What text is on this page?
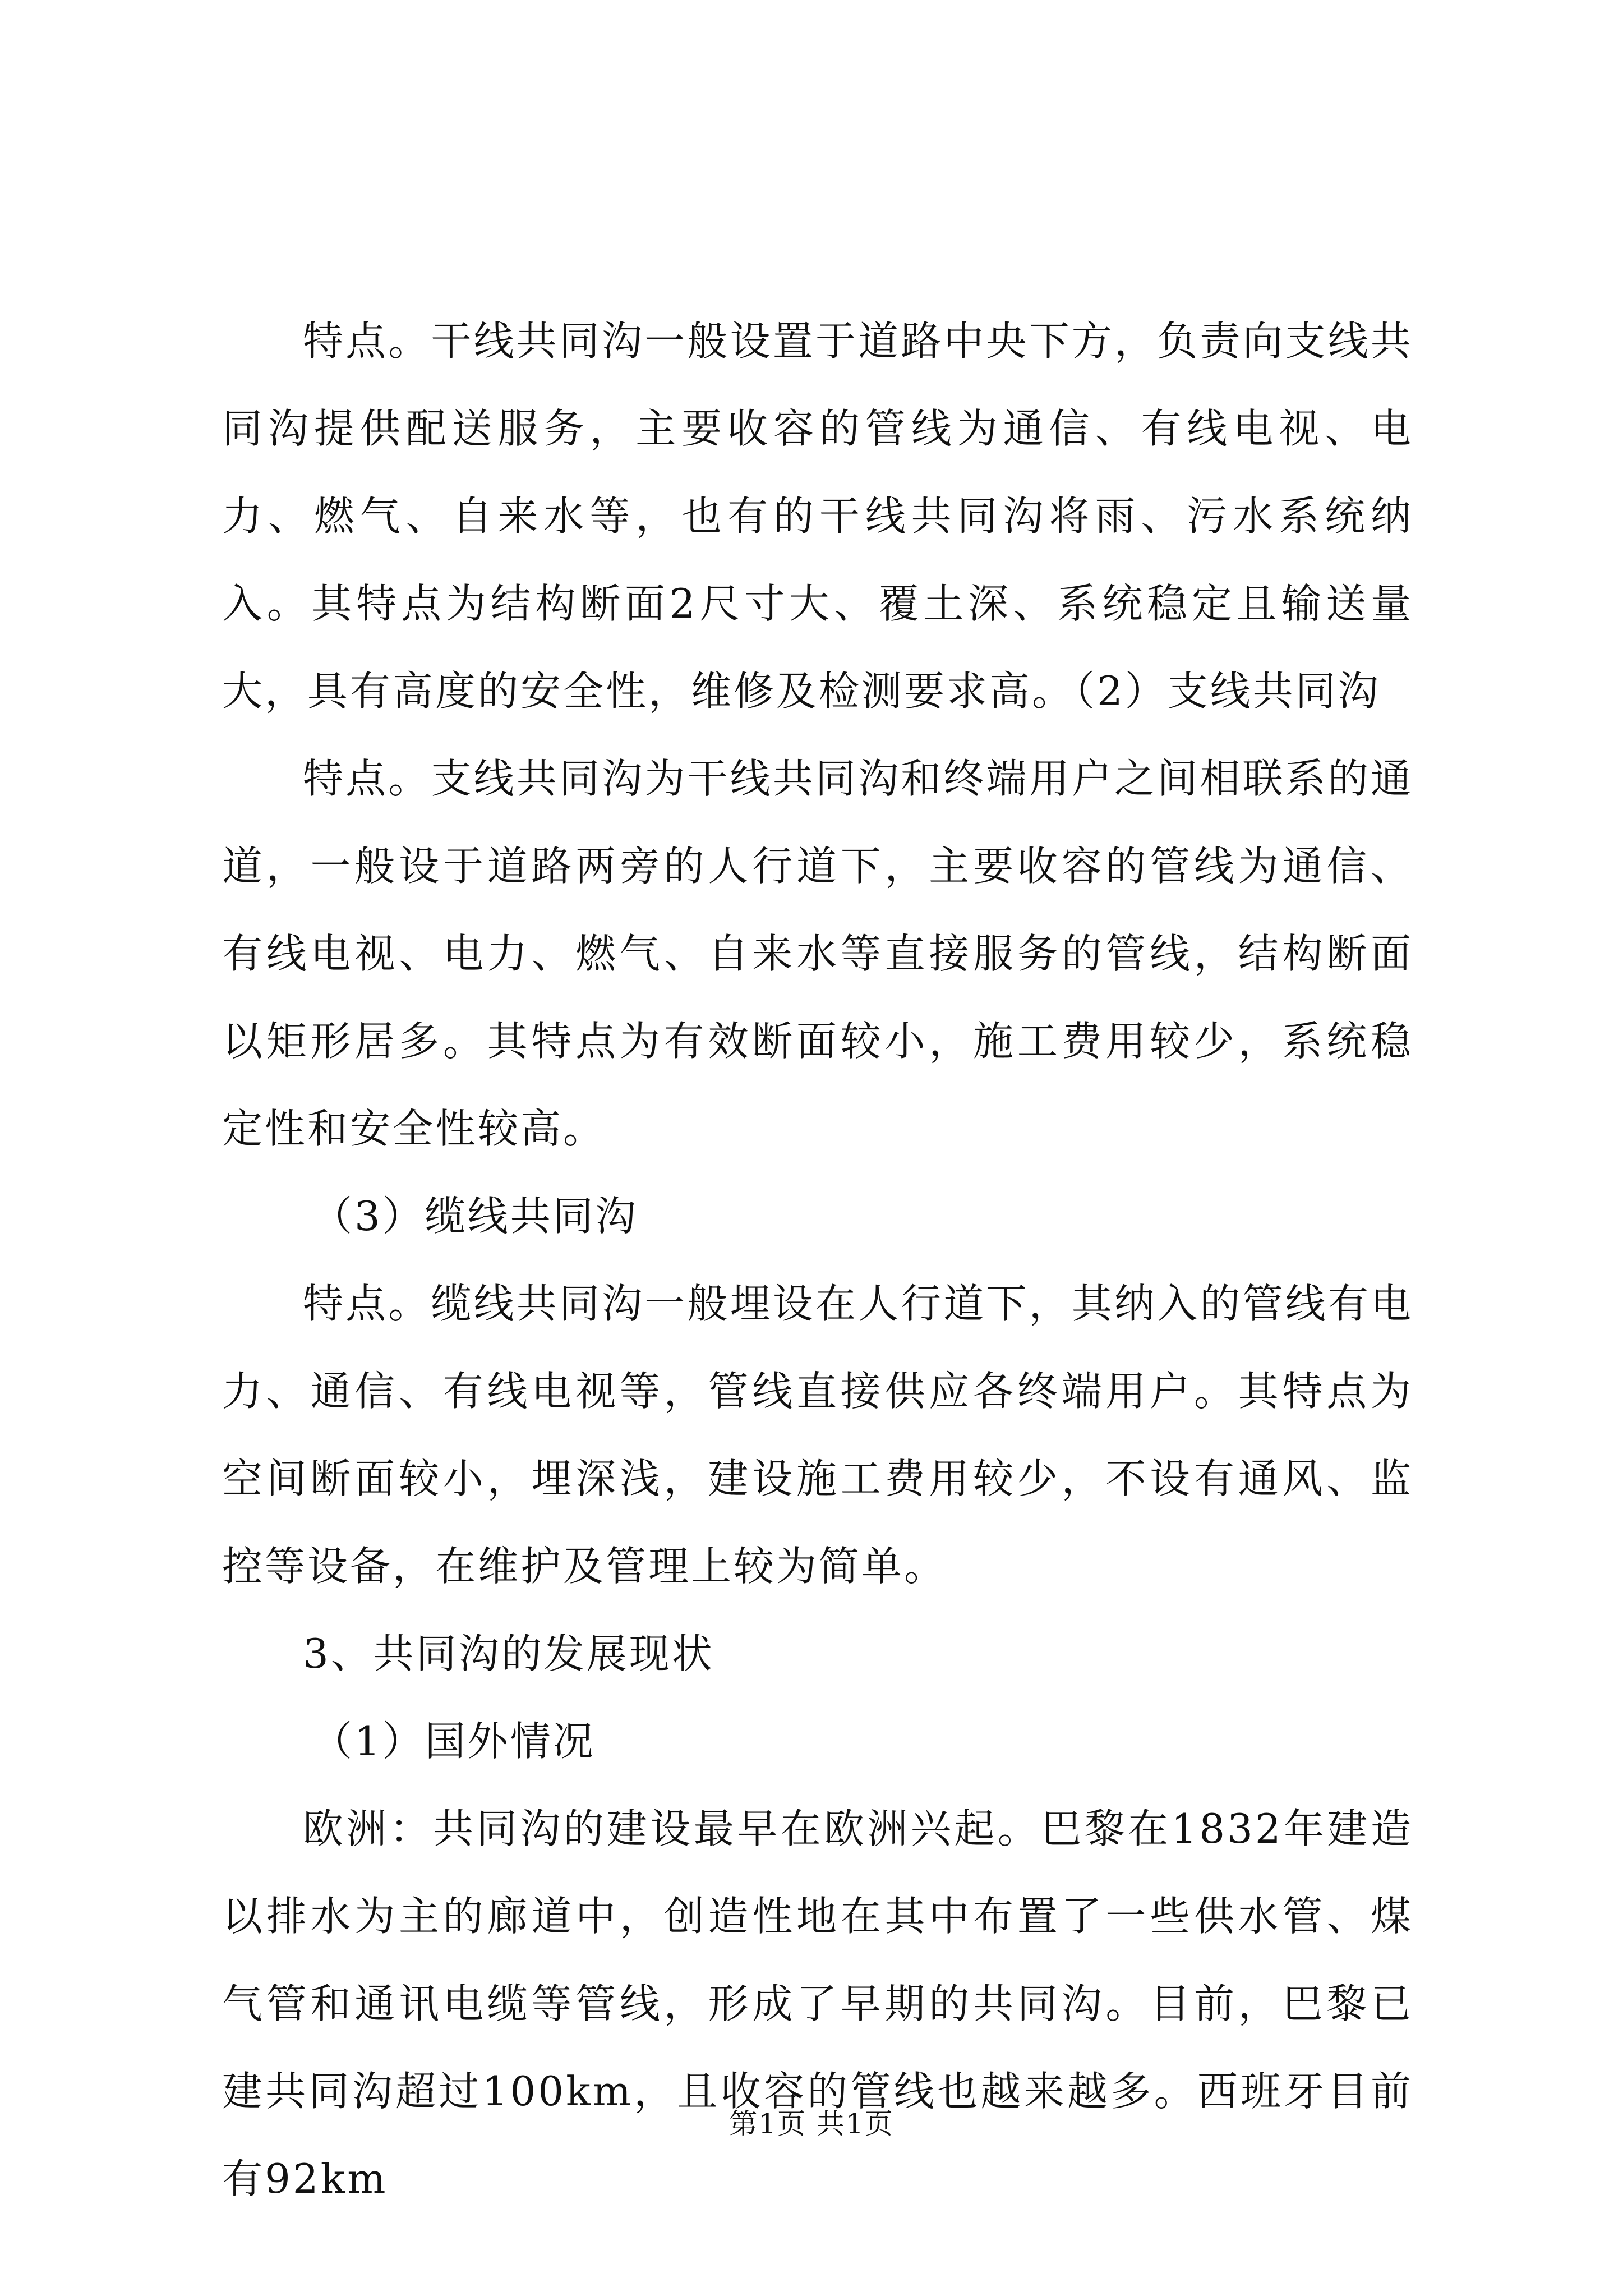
特点。干线共同沟一般设置于道路中央下方，负责向支线共同沟提供配送服务，主要收容的管线为通信、有线电视、电力、燃气、自来水等，也有的干线共同沟将雨、污水系统纳入。其特点为结构断面2尺寸大、覆土深、系统稳定且输送量大，具有高度的安全性，维修及检测要求高。（2）支线共同沟

特点。支线共同沟为干线共同沟和终端用户之间相联系的通道，一般设于道路两旁的人行道下，主要收容的管线为通信、有线电视、电力、燃气、自来水等直接服务的管线，结构断面以矩形居多。其特点为有效断面较小，施工费用较少，系统稳定性和安全性较高。

（3）缆线共同沟

特点。缆线共同沟一般埋设在人行道下，其纳入的管线有电力、通信、有线电视等，管线直接供应各终端用户。其特点为空间断面较小，埋深浅，建设施工费用较少，不设有通风、监控等设备，在维护及管理上较为简单。

3、共同沟的发展现状

（1）国外情况

欧洲：共同沟的建设最早在欧洲兴起。巴黎在1832年建造以排水为主的廊道中，创造性地在其中布置了一些供水管、煤气管和通讯电缆等管线，形成了早期的共同沟。目前，巴黎已建共同沟超过100km，且收容的管线也越来越多。西班牙目前有92km

第1页 共1页
